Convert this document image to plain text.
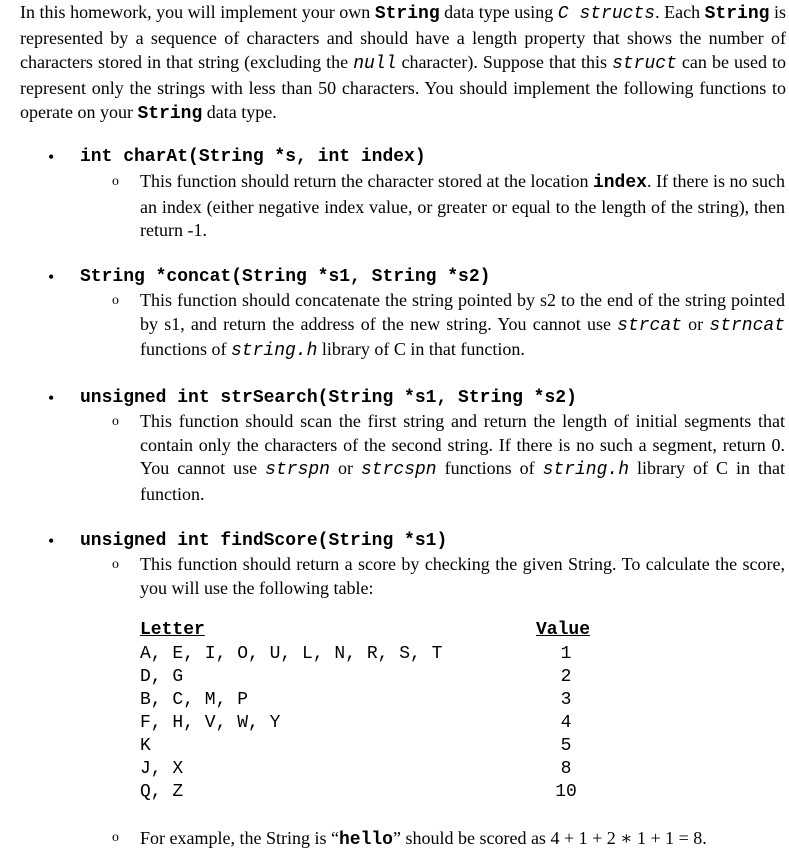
In this homework, you will implement your own String data type using C structs. Each String is represented by a sequence of characters and should have a length property that shows the number of characters stored in that string (excluding the null character). Suppose that this struct can be used to represent only the strings with less than 50 characters. You should implement the following functions to operate on your String data type.

• int charAt(String *s, int index)
o This function should return the character stored at the location index. If there is no such an index (either negative index value, or greater or equal to the length of the string), then return -1.

• String *concat(String *s1, String *s2)
o This function should concatenate the string pointed by s2 to the end of the string pointed by s1, and return the address of the new string. You cannot use strcat or strncat functions of string.h library of C in that function.

• unsigned int strSearch(String *s1, String *s2)
o This function should scan the first string and return the length of initial segments that contain only the characters of the second string. If there is no such a segment, return 0. You cannot use strspn or strcspn functions of string.h library of C in that function.

• unsigned int findScore(String *s1)
o This function should return a score by checking the given String. To calculate the score, you will use the following table:

Letter	Value
A, E, I, O, U, L, N, R, S, T	1
D, G	2
B, C, M, P	3
F, H, V, W, Y	4
K	5
J, X	8
Q, Z	10
o For example, the String is “hello” should be scored as 4 + 1 + 2 ∗ 1 + 1 = 8.
